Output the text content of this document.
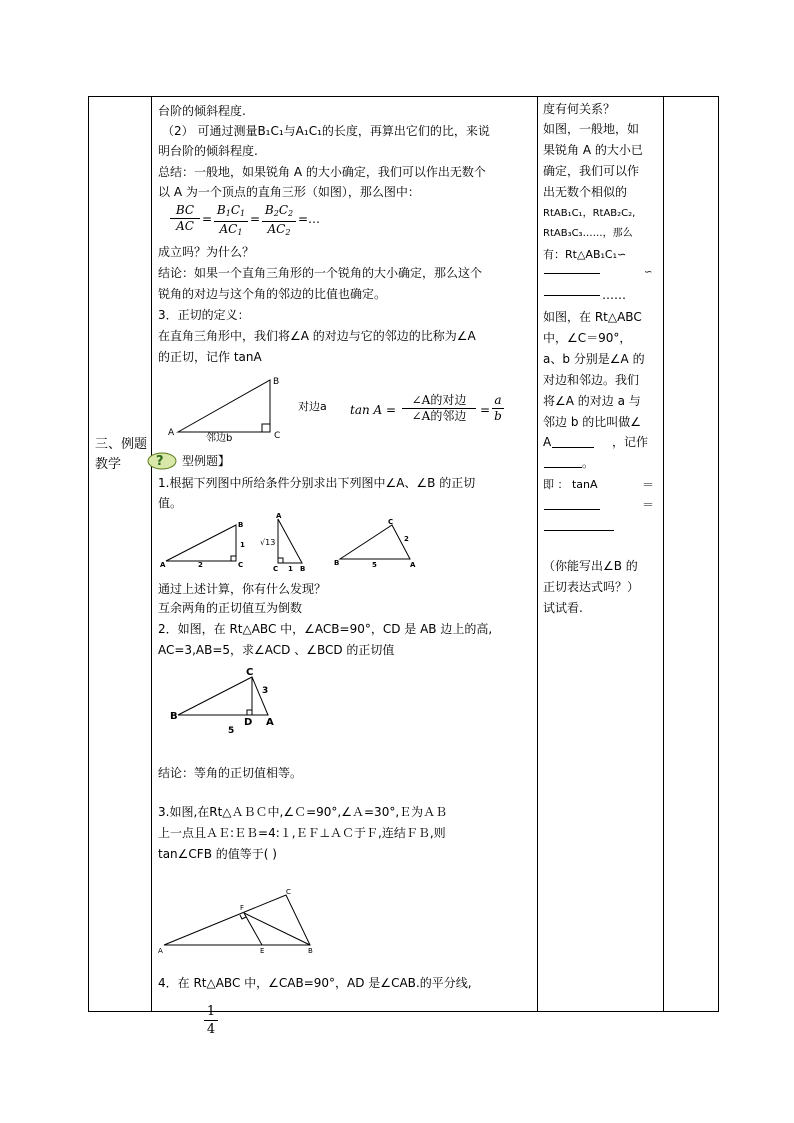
三、例题教学
台阶的倾斜程度.
（2） 可通过测量B₁C₁与A₁C₁的长度，再算出它们的比，来说
明台阶的倾斜程度.
总结：一般地，如果锐角 A 的大小确定，我们可以作出无数个
以 A 为一个顶点的直角三形（如图），那么图中：
$\frac{BC}{AC} = \frac{B_1C_1}{AC_1} = \frac{B_2C_2}{AC_2}$ =…
成立吗？为什么？
结论：如果一个直角三角形的一个锐角的大小确定，那么这个
锐角的对边与这个角的邻边的比值也确定。
3．正切的定义：
在直角三角形中，我们将∠A 的对边与它的邻边的比称为∠A
的正切，记作 tanA
A
B
C
邻边b
对边a tan A =
∠A的对边
∠A的邻边	= $\frac{a}{b}$
? 型例题】
1.根据下列图中所给条件分别求出下列图中∠A、∠B 的正切
值。
A
B
C
2
1
A
C	B
√13
1
B
C
A
5
2
通过上述计算，你有什么发现？
互余两角的正切值互为倒数
2．如图，在 Rt△ABC 中，∠ACB=90°，CD 是 AB 边上的高,
AC=3,AB=5，求∠ACD 、∠BCD 的正切值
C
B
D A
3
5
结论：等角的正切值相等。
3.如图,在Rt△ＡＢＣ中,∠Ｃ=90°,∠Ａ=30°,Ｅ为ＡＢ
上一点且ＡＥ:ＥＢ=4:１,ＥＦ⊥ＡＣ于Ｆ,连结ＦＢ,则
tan∠CFB 的值等于( )
A
C
B
E
F
4．在 Rt△ABC 中，∠CAB=90°，AD 是∠CAB.的平分线,
度有何关系？
如图，一般地，如
果锐角 A 的大小已
确定，我们可以作
出无数个相似的
RtAB₁C₁，RtAB₂C₂,
RtAB₃C₃……，那么
有：Rt△AB₁C₁∽
∽
……
如图，在 Rt△ABC
中，∠C＝90°，
a、b 分别是∠A 的
对边和邻边。我们
将∠A 的对边 a 与
邻边 b 的比叫做∠
A	，记作
。
即 ： tanA	＝
＝
（你能写出∠B 的
正切表达式吗？）
试试看.
$\frac{1}{4}$
